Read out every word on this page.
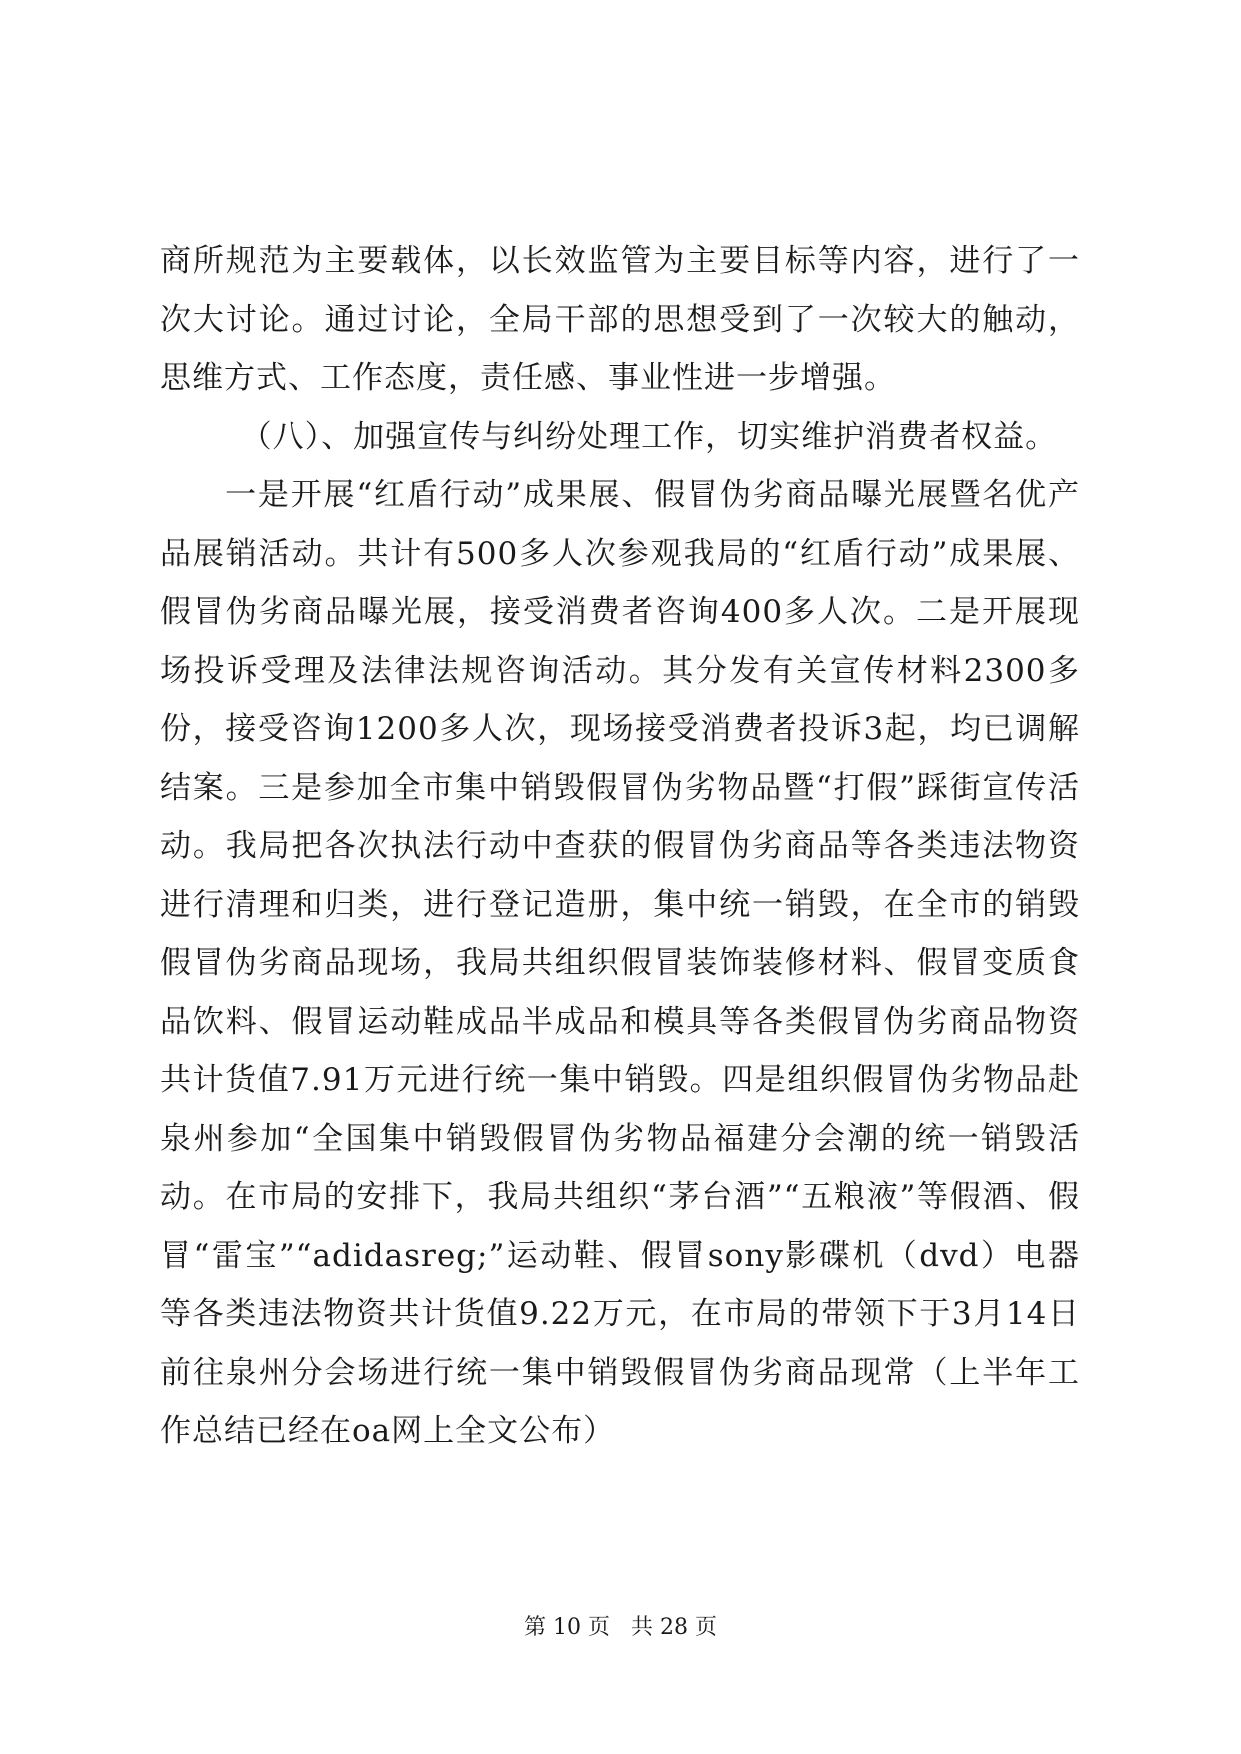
商所规范为主要载体，以长效监管为主要目标等内容，进行了一次大讨论。通过讨论，全局干部的思想受到了一次较大的触动，思维方式、工作态度，责任感、事业性进一步增强。

（八）、加强宣传与纠纷处理工作，切实维护消费者权益。

一是开展“红盾行动”成果展、假冒伪劣商品曝光展暨名优产品展销活动。共计有500多人次参观我局的“红盾行动”成果展、假冒伪劣商品曝光展，接受消费者咨询400多人次。二是开展现场投诉受理及法律法规咨询活动。其分发有关宣传材料2300多份，接受咨询1200多人次，现场接受消费者投诉3起，均已调解结案。三是参加全市集中销毁假冒伪劣物品暨“打假”踩街宣传活动。我局把各次执法行动中查获的假冒伪劣商品等各类违法物资进行清理和归类，进行登记造册，集中统一销毁，在全市的销毁假冒伪劣商品现场，我局共组织假冒装饰装修材料、假冒变质食品饮料、假冒运动鞋成品半成品和模具等各类假冒伪劣商品物资共计货值7.91万元进行统一集中销毁。四是组织假冒伪劣物品赴泉州参加“全国集中销毁假冒伪劣物品福建分会潮的统一销毁活动。在市局的安排下，我局共组织“茅台酒”“五粮液”等假酒、假冒“雷宝”“adidasreg;”运动鞋、假冒sony影碟机（dvd）电器等各类违法物资共计货值9.22万元，在市局的带领下于3月14日前往泉州分会场进行统一集中销毁假冒伪劣商品现常（上半年工作总结已经在oa网上全文公布）

第 10 页 共 28 页
